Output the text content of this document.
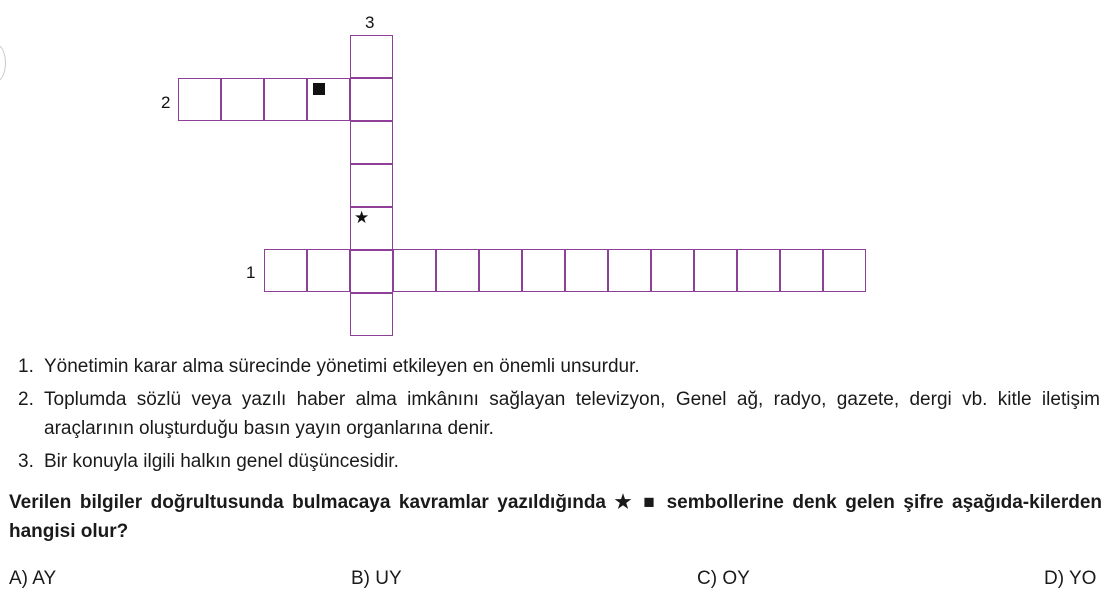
3
2
1
★
1. Yönetimin karar alma sürecinde yönetimi etkileyen en önemli unsurdur.
2. Toplumda sözlü veya yazılı haber alma imkânını sağlayan televizyon, Genel ağ, radyo, gazete, dergi vb. kitle iletişim araçlarının oluşturduğu basın yayın organlarına denir.
3. Bir konuyla ilgili halkın genel düşüncesidir.
Verilen bilgiler doğrultusunda bulmacaya kavramlar yazıldığında ★ ■ sembollerine denk gelen şifre aşağıda-kilerden hangisi olur?
A) AY	B) UY	C) OY	D) YO
